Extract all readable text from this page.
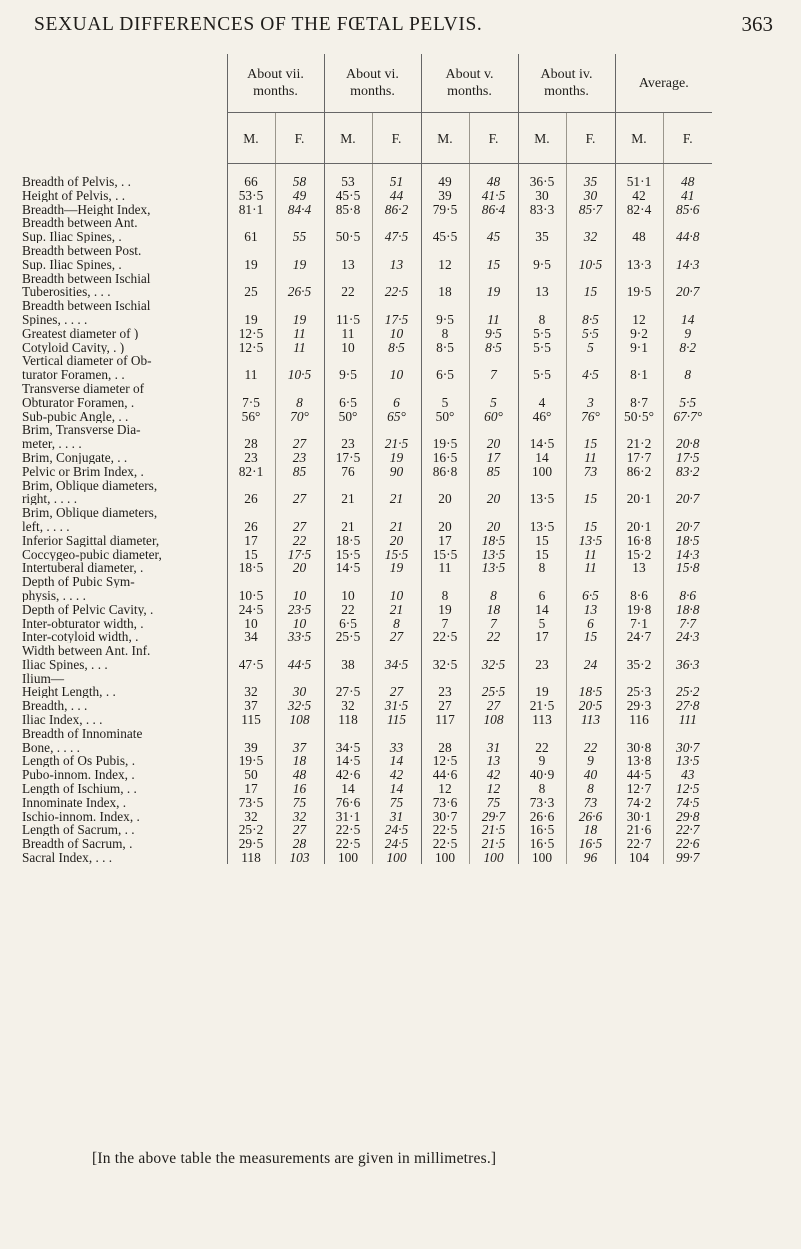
SEXUAL DIFFERENCES OF THE FŒTAL PELVIS.	363
	About vii. months.		About vi. months.		About v. months.		About iv. months.		Average.	
	M.	F.	M.	F.	M.	F.	M.	F.	M.	F.
Breadth of Pelvis, . .	66	58	53	51	49	48	36·5	35	51·1	48
Height of Pelvis, . .	53·5	49	45·5	44	39	41·5	30	30	42	41
Breadth—Height Index,	81·1	84·4	85·8	86·2	79·5	86·4	83·3	85·7	82·4	85·6
Breadth between Ant.										
Sup. Iliac Spines, .	61	55	50·5	47·5	45·5	45	35	32	48	44·8
Breadth between Post.										
Sup. Iliac Spines, .	19	19	13	13	12	15	9·5	10·5	13·3	14·3
Breadth between Ischial										
Tuberosities, . . .	25	26·5	22	22·5	18	19	13	15	19·5	20·7
Breadth between Ischial										
Spines, . . . .	19	19	11·5	17·5	9·5	11	8	8·5	12	14
Greatest diameter of )	12·5	11	11	10	8	9·5	5·5	5·5	9·2	9
Cotyloid Cavity, . )	12·5	11	10	8·5	8·5	8·5	5·5	5	9·1	8·2
Vertical diameter of Ob-										
turator Foramen, . .	11	10·5	9·5	10	6·5	7	5·5	4·5	8·1	8
Transverse diameter of										
Obturator Foramen, .	7·5	8	6·5	6	5	5	4	3	8·7	5·5
Sub-pubic Angle, . .	56°	70°	50°	65°	50°	60°	46°	76°	50·5°	67·7°
Brim, Transverse Dia-										
meter, . . . .	28	27	23	21·5	19·5	20	14·5	15	21·2	20·8
Brim, Conjugate, . .	23	23	17·5	19	16·5	17	14	11	17·7	17·5
Pelvic or Brim Index, .	82·1	85	76	90	86·8	85	100	73	86·2	83·2
Brim, Oblique diameters,										
right, . . . .	26	27	21	21	20	20	13·5	15	20·1	20·7
Brim, Oblique diameters,										
left, . . . .	26	27	21	21	20	20	13·5	15	20·1	20·7
Inferior Sagittal diameter,	17	22	18·5	20	17	18·5	15	13·5	16·8	18·5
Coccygeo-pubic diameter,	15	17·5	15·5	15·5	15·5	13·5	15	11	15·2	14·3
Intertuberal diameter, .	18·5	20	14·5	19	11	13·5	8	11	13	15·8
Depth of Pubic Sym-										
physis, . . . .	10·5	10	10	10	8	8	6	6·5	8·6	8·6
Depth of Pelvic Cavity, .	24·5	23·5	22	21	19	18	14	13	19·8	18·8
Inter-obturator width, .	10	10	6·5	8	7	7	5	6	7·1	7·7
Inter-cotyloid width, .	34	33·5	25·5	27	22·5	22	17	15	24·7	24·3
Width between Ant. Inf.										
Iliac Spines, . . .	47·5	44·5	38	34·5	32·5	32·5	23	24	35·2	36·3
Ilium—										
Height Length, . .	32	30	27·5	27	23	25·5	19	18·5	25·3	25·2
Breadth, . . .	37	32·5	32	31·5	27	27	21·5	20·5	29·3	27·8
Iliac Index, . . .	115	108	118	115	117	108	113	113	116	111
Breadth of Innominate										
Bone, . . . .	39	37	34·5	33	28	31	22	22	30·8	30·7
Length of Os Pubis, .	19·5	18	14·5	14	12·5	13	9	9	13·8	13·5
Pubo-innom. Index, .	50	48	42·6	42	44·6	42	40·9	40	44·5	43
Length of Ischium, . .	17	16	14	14	12	12	8	8	12·7	12·5
Innominate Index, .	73·5	75	76·6	75	73·6	75	73·3	73	74·2	74·5
Ischio-innom. Index, .	32	32	31·1	31	30·7	29·7	26·6	26·6	30·1	29·8
Length of Sacrum, . .	25·2	27	22·5	24·5	22·5	21·5	16·5	18	21·6	22·7
Breadth of Sacrum, .	29·5	28	22·5	24·5	22·5	21·5	16·5	16·5	22·7	22·6
Sacral Index, . . .	118	103	100	100	100	100	100	96	104	99·7
[In the above table the measurements are given in millimetres.]
